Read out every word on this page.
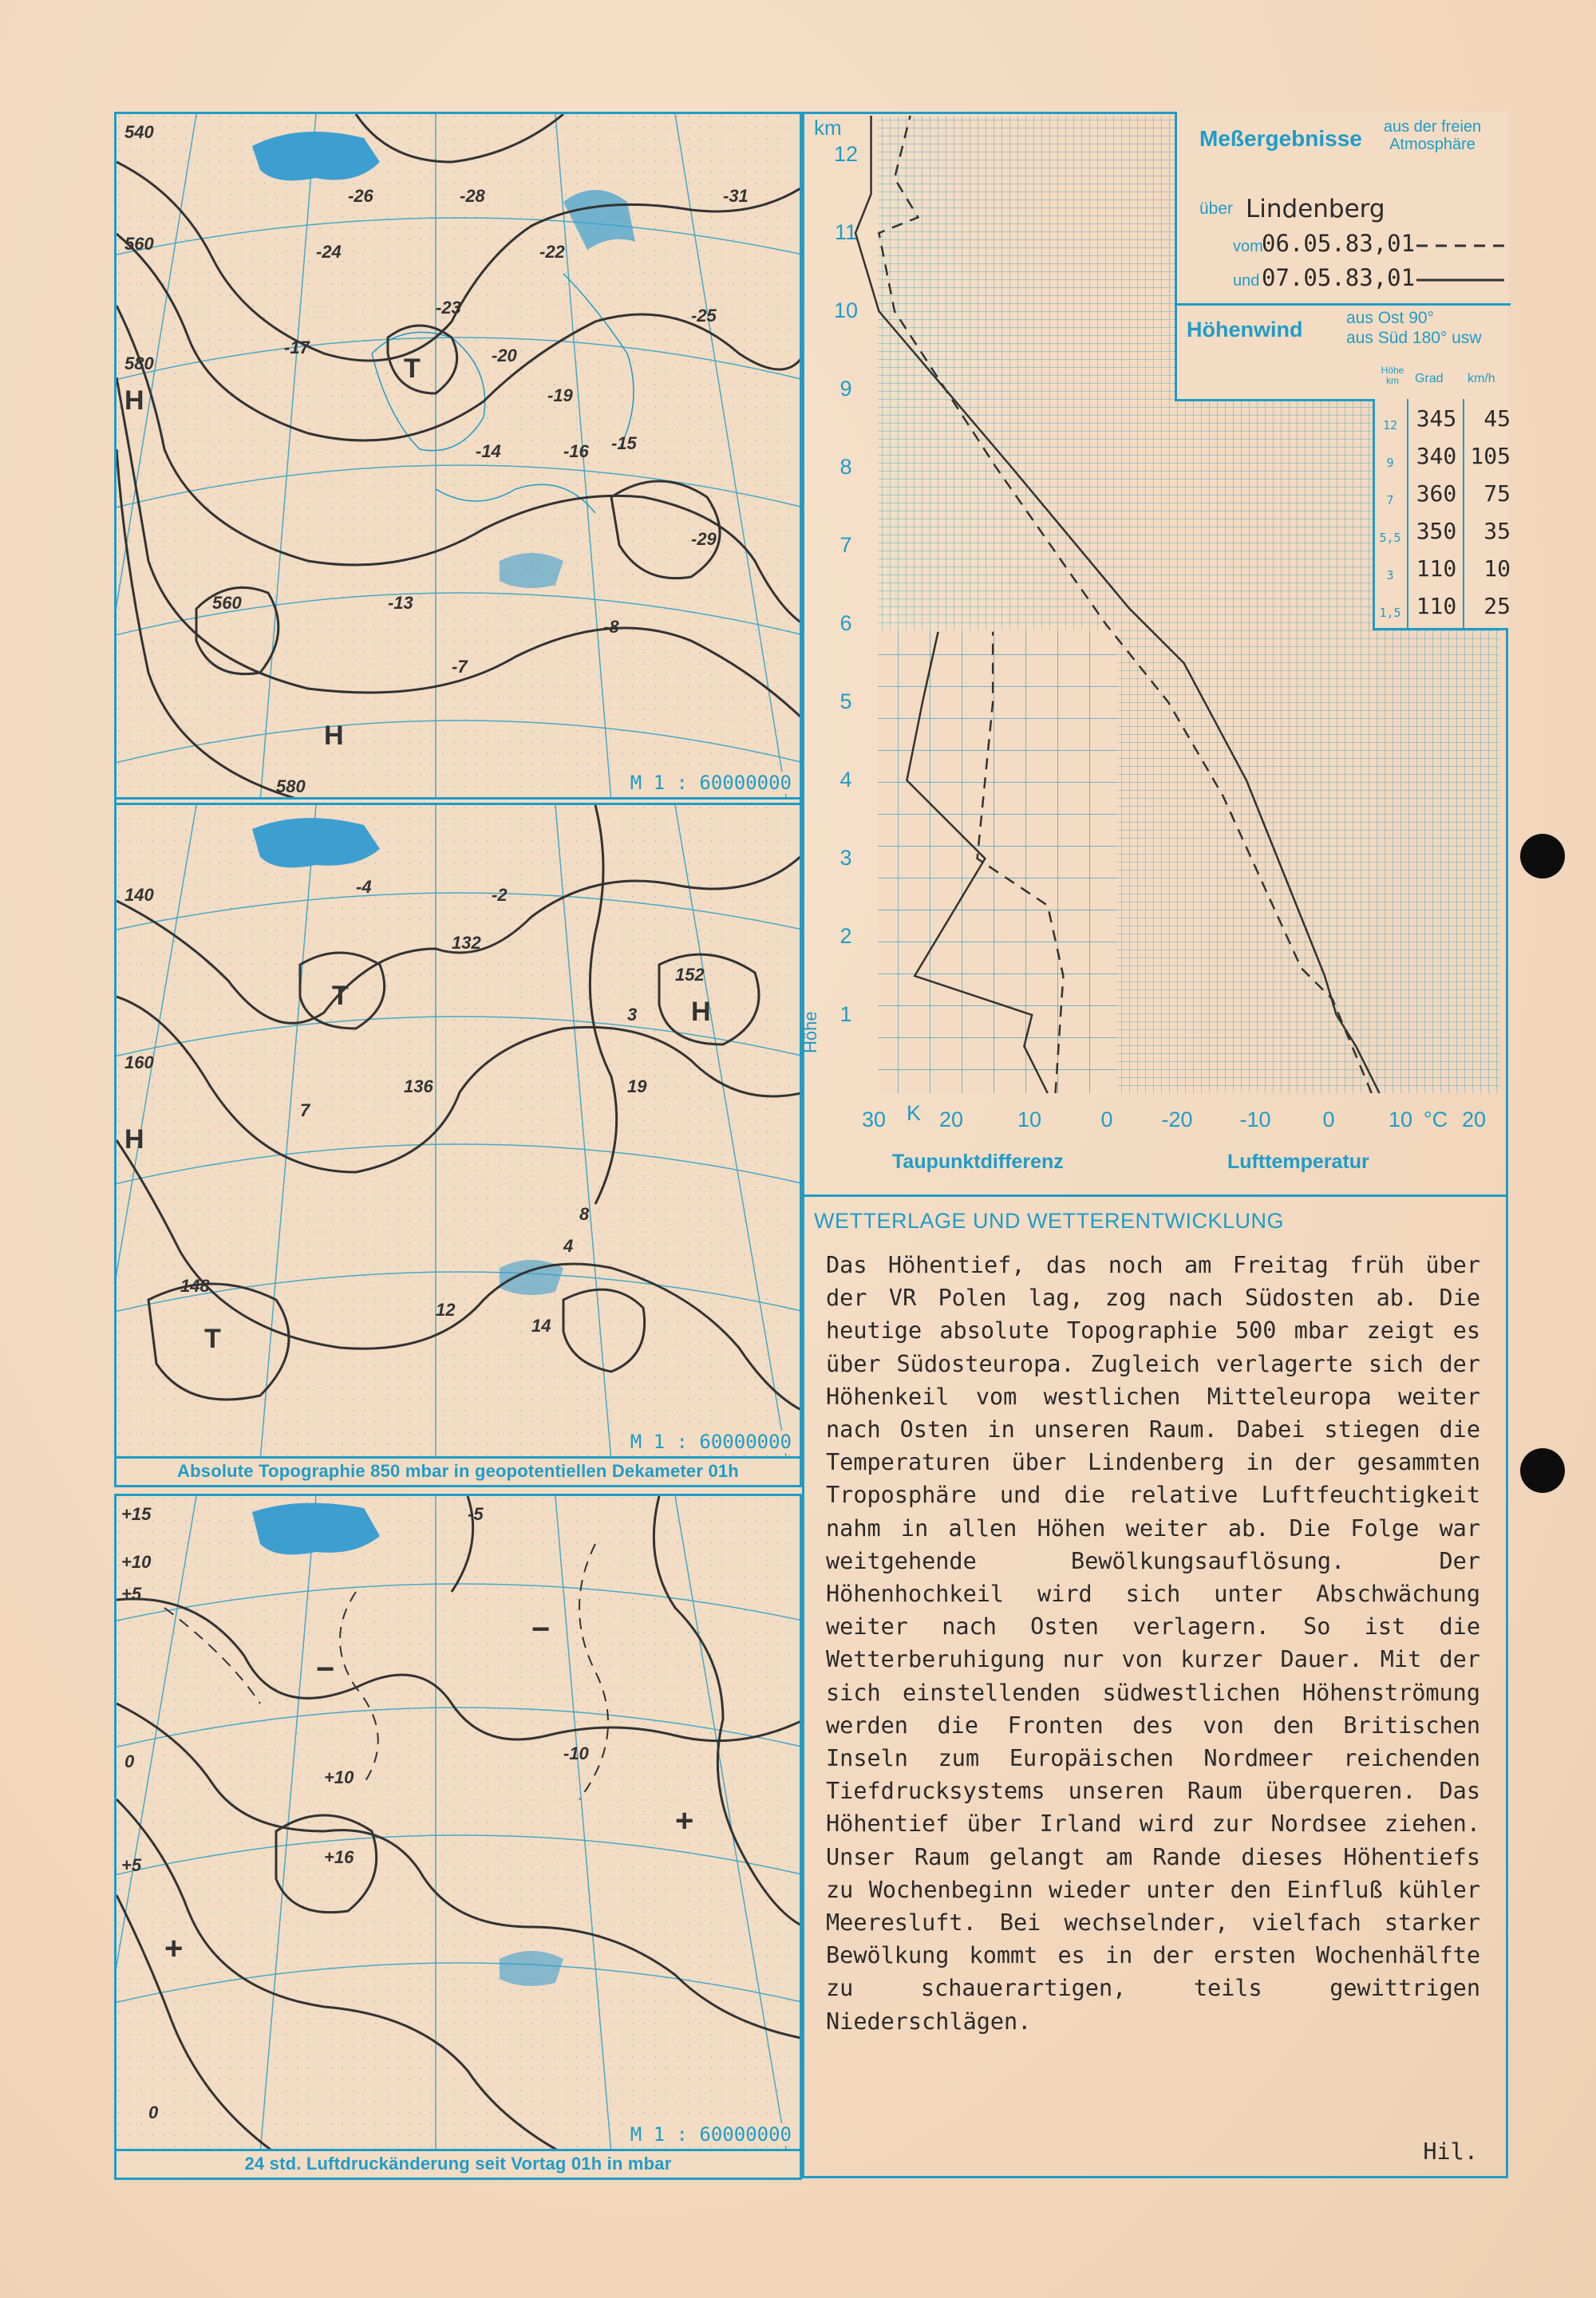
540
560
580
-26	-28
-24
-23
-22
-19
-17	-20
-14	-16 -15
-25
-29
-31
-13
-8
-7
560
580
H
T
H
M 1 : 60000000
140
160
148
152
132
136
-4	-2
3
4
7
8
12
14
19
H
T
T
H
M 1 : 60000000
Absolute Topographie 850 mbar in geopotentiellen Dekameter 01h
+15
+10
+5
0
-5
+16
-10
+10
+5
0
+
−
−
+
M 1 : 60000000
24 std. Luftdruckänderung seit Vortag 01h in mbar
km
12
11
10
9
8
7
6
5
4
3
2
1
Höhe
30 K 20	10	0	-20	-10	0	10 °C 20
Taupunktdifferenz	Lufttemperatur
Meßergebnisse	aus der freien Atmosphäre
über Lindenberg
vom
06.05.83,01
und 07.05.83,01
Höhenwind	aus Ost 90°
aus Süd 180° usw
Höhe km	Grad km/h
12 345	45
9	340 105
7	360	75
5,5 350	35
3	110	10
1,5 110	25
WETTERLAGE UND WETTERENTWICKLUNG

Das Höhentief, das noch am Freitag früh über der VR Polen lag, zog nach Südosten ab. Die heutige absolute Topographie 500 mbar zeigt es über Südosteuropa. Zugleich verlagerte sich der Höhenkeil vom westlichen Mitteleuropa weiter nach Osten in unseren Raum. Dabei stiegen die Temperaturen über Lindenberg in der gesammten Troposphäre und die relative Luftfeuchtigkeit nahm in allen Höhen weiter ab. Die Folge war weitgehende Bewölkungsauflösung. Der Höhenhochkeil wird sich unter Abschwächung weiter nach Osten verlagern. So ist die Wetterberuhigung nur von kurzer Dauer. Mit der sich einstellenden südwestlichen Höhenströmung werden die Fronten des von den Britischen Inseln zum Europäischen Nordmeer reichenden Tiefdrucksystems unseren Raum überqueren. Das Höhentief über Irland wird zur Nordsee ziehen. Unser Raum gelangt am Rande dieses Höhentiefs zu Wochenbeginn wieder unter den Einfluß kühler Meeresluft. Bei wechselnder, vielfach starker Bewölkung kommt es in der ersten Wochenhälfte zu schauerartigen, teils gewittrigen Niederschlägen.

Hil.
